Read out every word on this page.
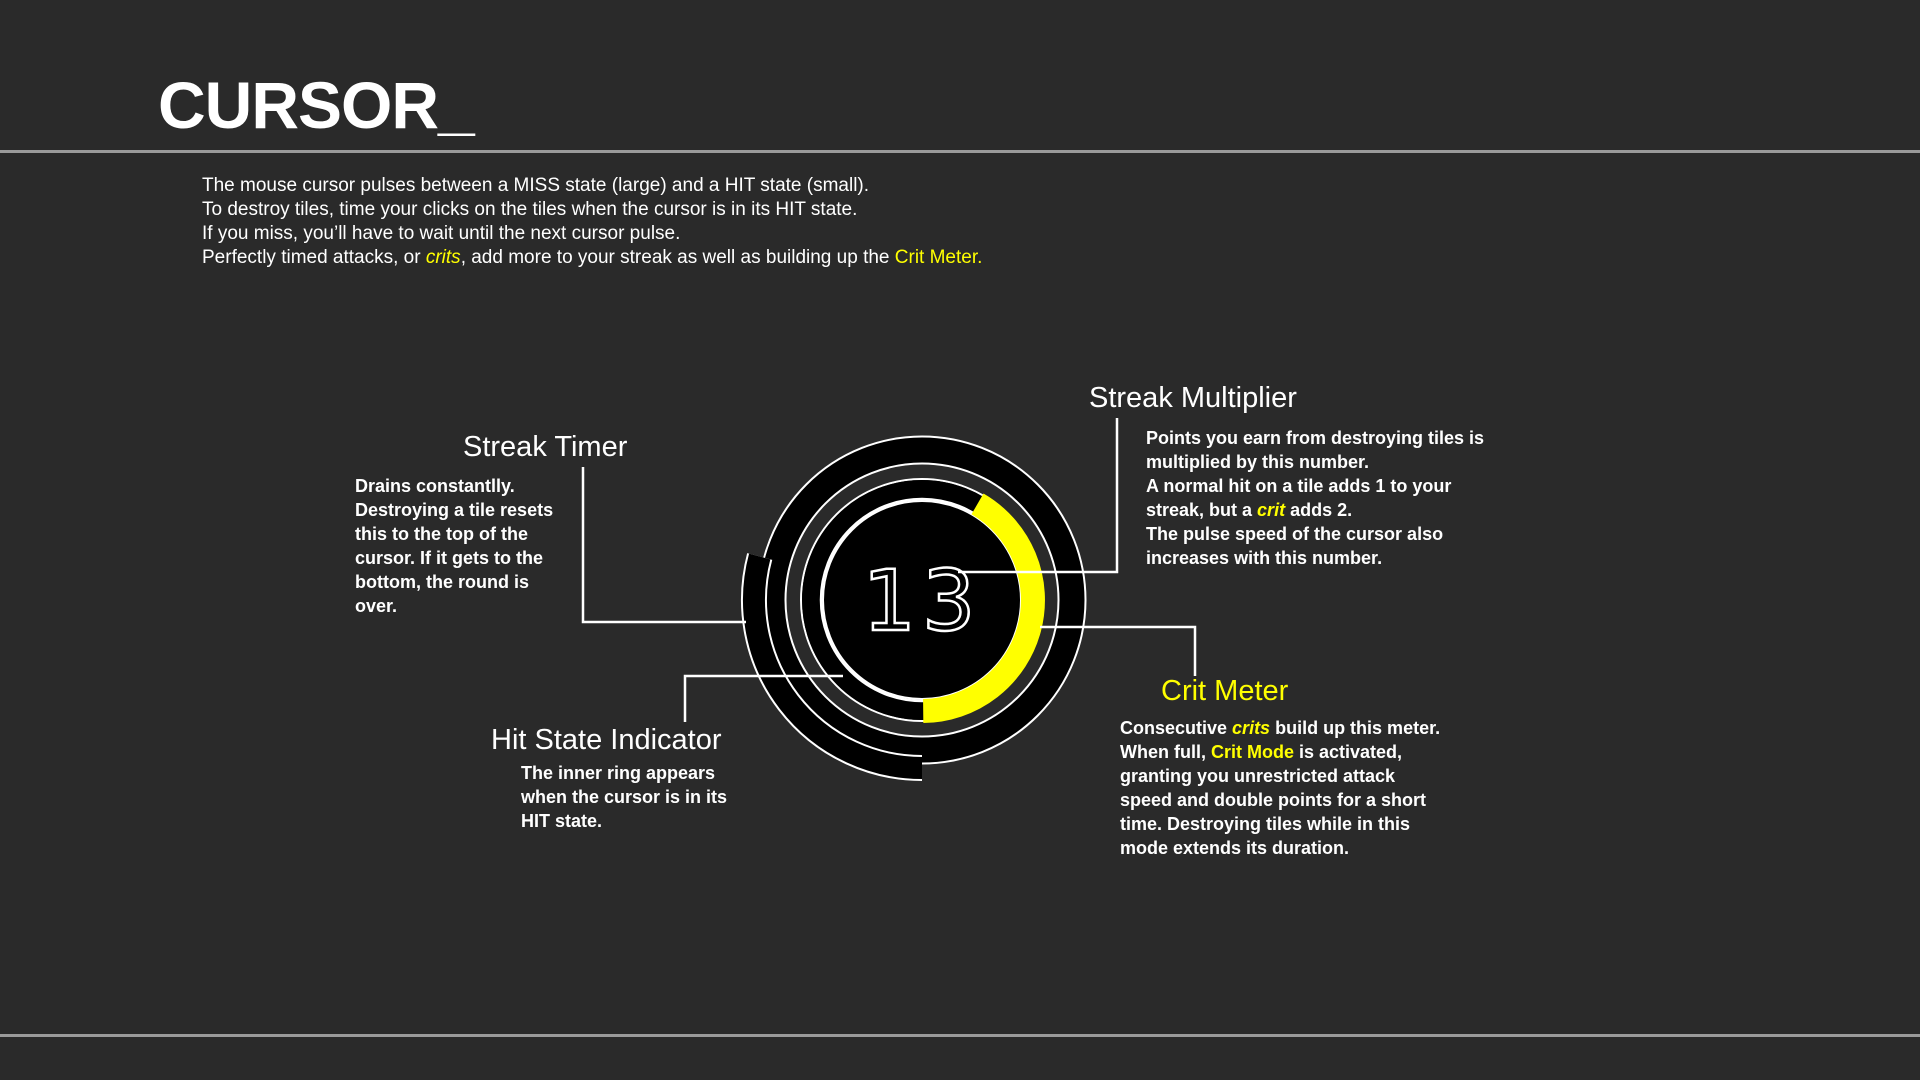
CURSOR_
The mouse cursor pulses between a MISS state (large) and a HIT state (small).
To destroy tiles, time your clicks on the tiles when the cursor is in its HIT state.
If you miss, you’ll have to wait until the next cursor pulse.
Perfectly timed attacks, or crits, add more to your streak as well as building up the Crit Meter.
13
Streak Multiplier
Points you earn from destroying tiles is
multiplied by this number.
A normal hit on a tile adds 1 to your
streak, but a crit adds 2.
The pulse speed of the cursor also
increases with this number.
Streak Timer
Drains constantlly.
Destroying a tile resets
this to the top of the
cursor. If it gets to the
bottom, the round is
over.
Crit Meter
Consecutive crits build up this meter.
When full, Crit Mode is activated,
granting you unrestricted attack
speed and double points for a short
time. Destroying tiles while in this
mode extends its duration.
Hit State Indicator
The inner ring appears
when the cursor is in its
HIT state.
